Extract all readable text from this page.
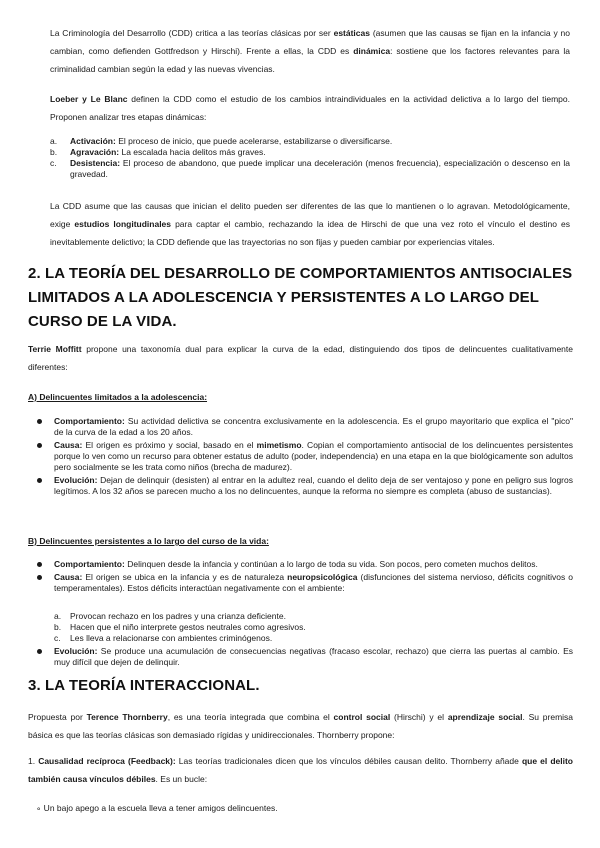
La Criminología del Desarrollo (CDD) critica a las teorías clásicas por ser estáticas (asumen que las causas se fijan en la infancia y no cambian, como defienden Gottfredson y Hirschi). Frente a ellas, la CDD es dinámica: sostiene que los factores relevantes para la criminalidad cambian según la edad y las nuevas vivencias.

Loeber y Le Blanc definen la CDD como el estudio de los cambios intraindividuales en la actividad delictiva a lo largo del tiempo. Proponen analizar tres etapas dinámicas:

a. Activación: El proceso de inicio, que puede acelerarse, estabilizarse o diversificarse.
b. Agravación: La escalada hacia delitos más graves.
c. Desistencia: El proceso de abandono, que puede implicar una deceleración (menos frecuencia), especialización o descenso en la gravedad.

La CDD asume que las causas que inician el delito pueden ser diferentes de las que lo mantienen o lo agravan. Metodológicamente, exige estudios longitudinales para captar el cambio, rechazando la idea de Hirschi de que una vez roto el vínculo el destino es inevitablemente delictivo; la CDD defiende que las trayectorias no son fijas y pueden cambiar por experiencias vitales.

2. LA TEORÍA DEL DESARROLLO DE COMPORTAMIENTOS ANTISOCIALES LIMITADOS A LA ADOLESCENCIA Y PERSISTENTES A LO LARGO DEL CURSO DE LA VIDA.

Terrie Moffitt propone una taxonomía dual para explicar la curva de la edad, distinguiendo dos tipos de delincuentes cualitativamente diferentes:

A) Delincuentes limitados a la adolescencia:

Comportamiento: Su actividad delictiva se concentra exclusivamente en la adolescencia. Es el grupo mayoritario que explica el "pico" de la curva de la edad a los 20 años.
Causa: El origen es próximo y social, basado en el mimetismo. Copian el comportamiento antisocial de los delincuentes persistentes porque lo ven como un recurso para obtener estatus de adulto (poder, independencia) en una etapa en la que biológicamente son adultos pero socialmente se les trata como niños (brecha de madurez).
Evolución: Dejan de delinquir (desisten) al entrar en la adultez real, cuando el delito deja de ser ventajoso y pone en peligro sus logros legítimos. A los 32 años se parecen mucho a los no delincuentes, aunque la reforma no siempre es completa (abuso de sustancias).

B) Delincuentes persistentes a lo largo del curso de la vida:

Comportamiento: Delinquen desde la infancia y continúan a lo largo de toda su vida. Son pocos, pero cometen muchos delitos.
Causa: El origen se ubica en la infancia y es de naturaleza neuropsicológica (disfunciones del sistema nervioso, déficits cognitivos o temperamentales). Estos déficits interactúan negativamente con el ambiente:
a. Provocan rechazo en los padres y una crianza deficiente.
b. Hacen que el niño interprete gestos neutrales como agresivos.
c. Les lleva a relacionarse con ambientes criminógenos.
Evolución: Se produce una acumulación de consecuencias negativas (fracaso escolar, rechazo) que cierra las puertas al cambio. Es muy difícil que dejen de delinquir.
3. LA TEORÍA INTERACCIONAL.

Propuesta por Terence Thornberry, es una teoría integrada que combina el control social (Hirschi) y el aprendizaje social. Su premisa básica es que las teorías clásicas son demasiado rígidas y unidireccionales. Thornberry propone:

1. Causalidad recíproca (Feedback): Las teorías tradicionales dicen que los vínculos débiles causan delito. Thornberry añade que el delito también causa vínculos débiles. Es un bucle:

∘ Un bajo apego a la escuela lleva a tener amigos delincuentes.
